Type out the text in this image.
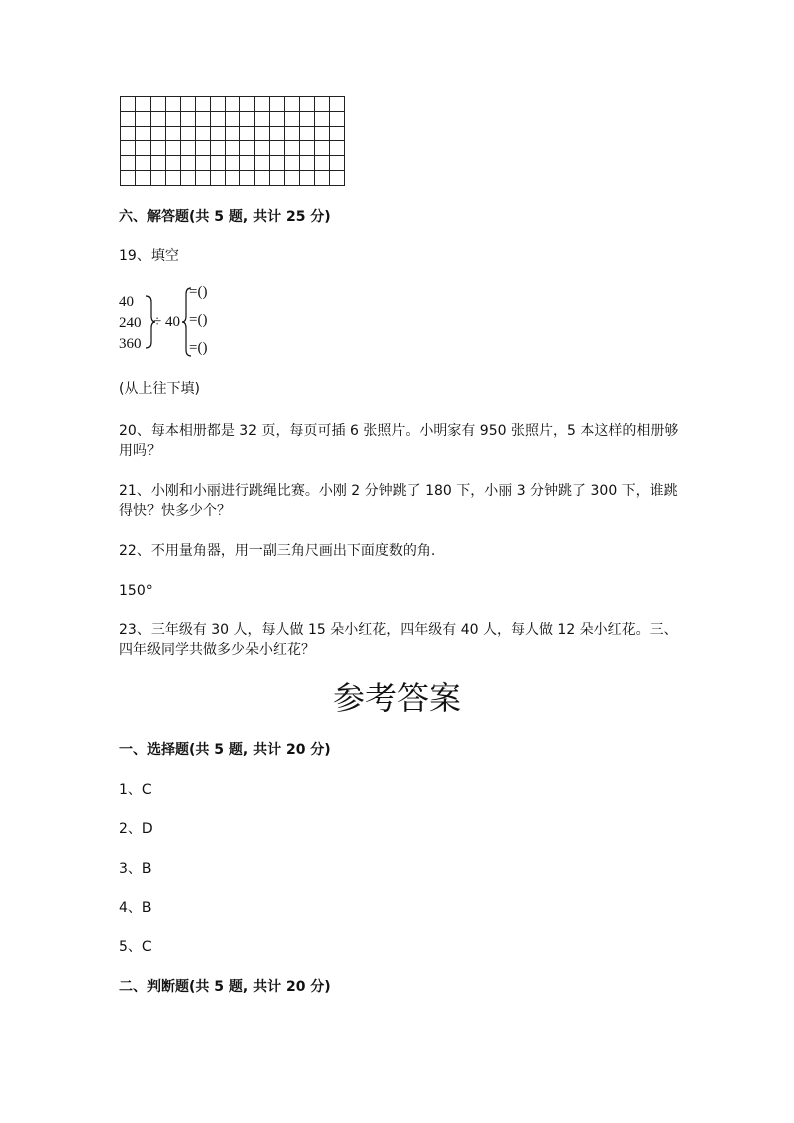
六、解答题(共 5 题, 共计 25 分)
19、填空
40
240
360
÷ 40
=()
=()
=()
(从上往下填)
20、每本相册都是 32 页，每页可插 6 张照片。小明家有 950 张照片，5 本这样的相册够用吗？
21、小刚和小丽进行跳绳比赛。小刚 2 分钟跳了 180 下，小丽 3 分钟跳了 300 下，谁跳得快？快多少个？
22、不用量角器，用一副三角尺画出下面度数的角.
150°
23、三年级有 30 人，每人做 15 朵小红花，四年级有 40 人，每人做 12 朵小红花。三、四年级同学共做多少朵小红花？
参考答案
一、选择题(共 5 题, 共计 20 分)
1、C
2、D
3、B
4、B
5、C
二、判断题(共 5 题, 共计 20 分)
